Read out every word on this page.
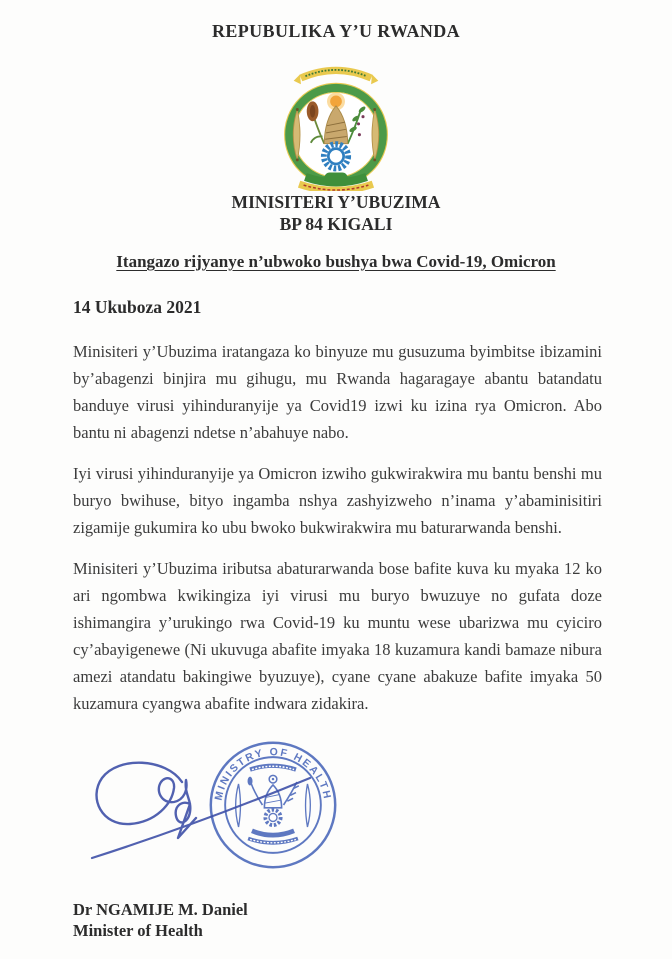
REPUBULIKA Y’U RWANDA
MINISITERI Y’UBUZIMA
BP 84 KIGALI
Itangazo rijyanye n’ubwoko bushya bwa Covid-19, Omicron
14 Ukuboza 2021

Minisiteri y’Ubuzima iratangaza ko binyuze mu gusuzuma byimbitse ibizamini by’abagenzi binjira mu gihugu, mu Rwanda hagaragaye abantu batandatu banduye virusi yihinduranyije ya Covid19 izwi ku izina rya Omicron. Abo bantu ni abagenzi ndetse n’abahuye nabo.

Iyi virusi yihinduranyije ya Omicron izwiho gukwirakwira mu bantu benshi mu buryo bwihuse, bityo ingamba nshya zashyizweho n’inama y’abaminisitiri zigamije gukumira ko ubu bwoko bukwirakwira mu baturarwanda benshi.

Minisiteri y’Ubuzima iributsa abaturarwanda bose bafite kuva ku myaka 12 ko ari ngombwa kwikingiza iyi virusi mu buryo bwuzuye no gufata doze ishimangira y’urukingo rwa Covid-19 ku muntu wese ubarizwa mu cyiciro cy’abayigenewe (Ni ukuvuga abafite imyaka 18 kuzamura kandi bamaze nibura amezi atandatu bakingiwe byuzuye), cyane cyane abakuze bafite imyaka 50 kuzamura cyangwa abafite indwara zidakira.

MINISTRY OF HEALTH
Dr NGAMIJE M. Daniel
Minister of Health
